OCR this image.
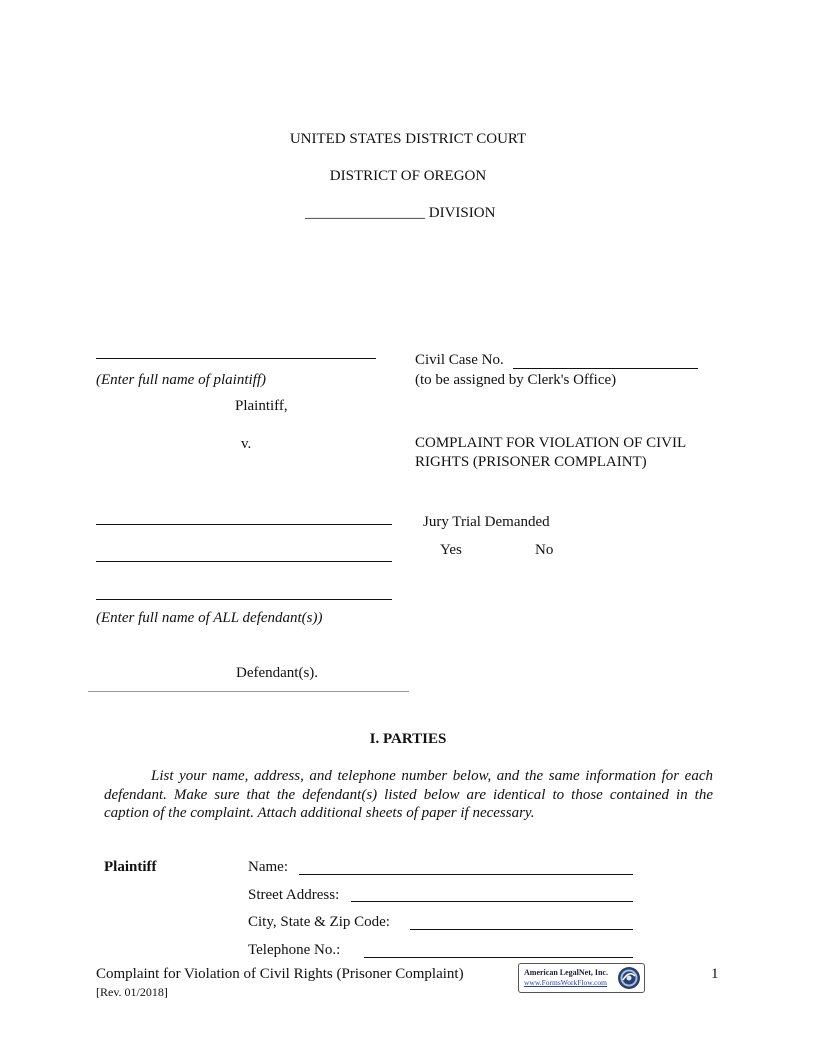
UNITED STATES DISTRICT COURT
DISTRICT OF OREGON
________________ DIVISION
(Enter full name of plaintiff)
Plaintiff,
v.
(Enter full name of ALL defendant(s))
Defendant(s).
Civil Case No.
(to be assigned by Clerk's Office)
COMPLAINT FOR VIOLATION OF CIVIL
RIGHTS (PRISONER COMPLAINT)
Jury Trial Demanded
Yes	No
I. PARTIES
List your name, address, and telephone number below, and the same information for each defendant. Make sure that the defendant(s) listed below are identical to those contained in the caption of the complaint. Attach additional sheets of paper if necessary.
Plaintiff	Name:
Street Address:
City, State & Zip Code:
Telephone No.:
Complaint for Violation of Civil Rights (Prisoner Complaint)
[Rev. 01/2018]
1
American LegalNet, Inc.
www.FormsWorkFlow.com
